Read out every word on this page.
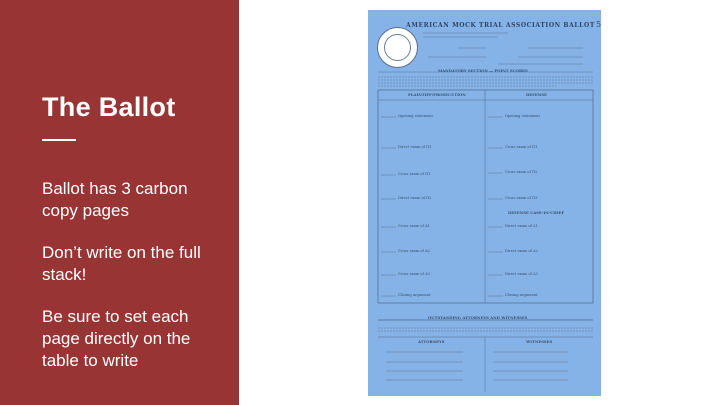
The Ballot

Ballot has 3 carbon copy pages

Don’t write on the full stack!

Be sure to set each page directly on the table to write

AMERICAN MOCK TRIAL ASSOCIATION BALLOT 5
MANDATORY SECTION — POINT SCORES
PLAINTIFF/PROSECUTION	DEFENSE
Opening statement
Direct exam of Π1
Cross exam of Π1
Direct exam of Π2
Cross exam of Δ1
Cross exam of Δ2
Cross exam of Δ3
Closing argument
Opening statement
Cross exam of Π1
Cross exam of Π2
Cross exam of Π3
DEFENSE CASE-IN-CHIEF
Direct exam of Δ1
Direct exam of Δ2
Direct exam of Δ3
Closing argument
OUTSTANDING ATTORNEYS AND WITNESSES
ATTORNEYS	WITNESSES
